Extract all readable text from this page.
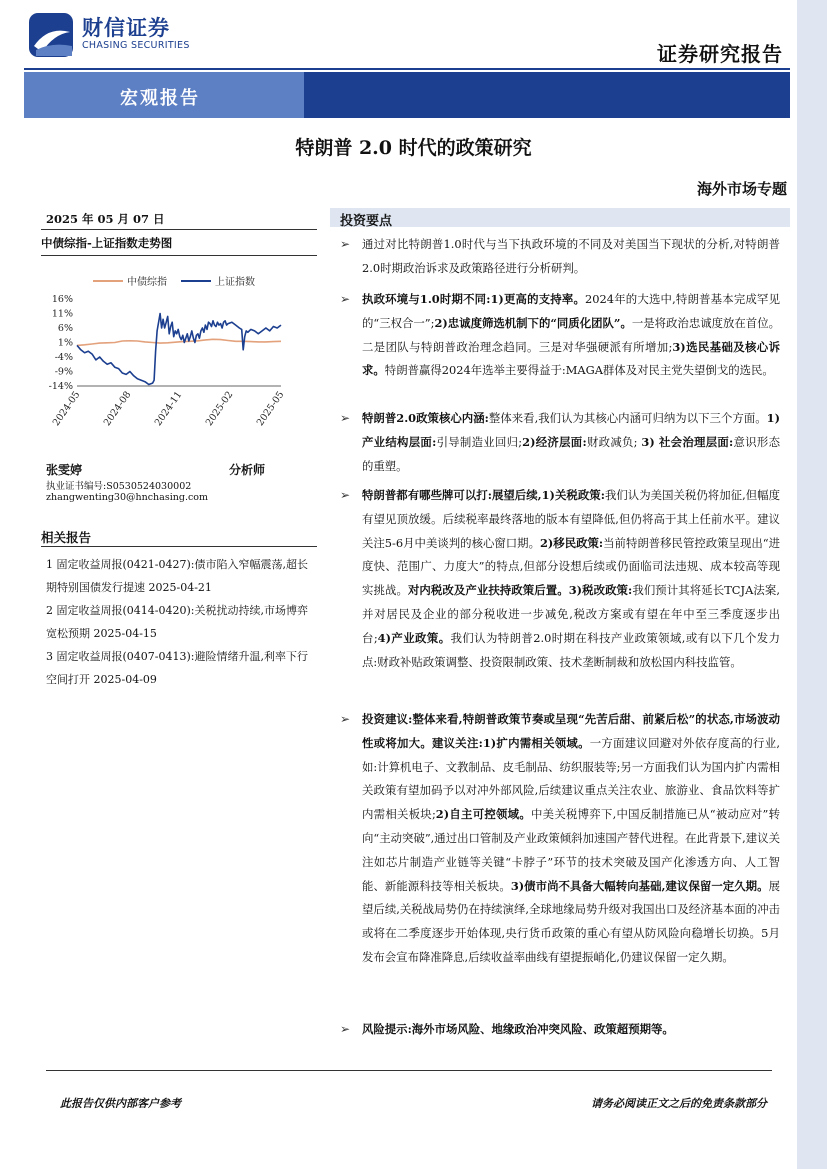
财信证券
CHASING SECURITIES	证券研究报告
宏观报告
特朗普 2.0 时代的政策研究
海外市场专题
2025 年 05 月 07 日
中债综指-上证指数走势图
中债综指	上证指数
16%
11%
6%
1%
-4%
-9%
-14%
2024-05 2024-08 2024-11 2025-02 2025-05
张雯婷	分析师
执业证书编号:S0530524030002
zhangwenting30@hnchasing.com
相关报告

1 固定收益周报(0421-0427):债市陷入窄幅震荡,超长期特别国债发行提速 2025-04-21

2 固定收益周报(0414-0420):关税扰动持续,市场博弈宽松预期 2025-04-15

3 固定收益周报(0407-0413):避险情绪升温,利率下行空间打开 2025-04-09

投资要点
➢ 通过对比特朗普1.0时代与当下执政环境的不同及对美国当下现状的分析,对特朗普2.0时期政治诉求及政策路径进行分析研判。
➢ 执政环境与1.0时期不同:1)更高的支持率。2024年的大选中,特朗普基本完成罕见的“三权合一”;2)忠诚度筛选机制下的“同质化团队”。一是将政治忠诚度放在首位。二是团队与特朗普政治理念趋同。三是对华强硬派有所增加;3)选民基础及核心诉求。特朗普赢得2024年选举主要得益于:MAGA群体及对民主党失望倒戈的选民。
➢ 特朗普2.0政策核心内涵:整体来看,我们认为其核心内涵可归纳为以下三个方面。1)产业结构层面:引导制造业回归;2)经济层面:财政减负; 3) 社会治理层面:意识形态的重塑。
➢ 特朗普都有哪些牌可以打:展望后续,1)关税政策:我们认为美国关税仍将加征,但幅度有望见顶放缓。后续税率最终落地的版本有望降低,但仍将高于其上任前水平。建议关注5-6月中美谈判的核心窗口期。2)移民政策:当前特朗普移民管控政策呈现出“进度快、范围广、力度大”的特点,但部分设想后续或仍面临司法违规、成本较高等现实挑战。对内税改及产业扶持政策后置。3)税改政策:我们预计其将延长TCJA法案,并对居民及企业的部分税收进一步减免,税改方案或有望在年中至三季度逐步出台;4)产业政策。我们认为特朗普2.0时期在科技产业政策领域,或有以下几个发力点:财政补贴政策调整、投资限制政策、技术垄断制裁和放松国内科技监管。
➢ 投资建议:整体来看,特朗普政策节奏或呈现“先苦后甜、前紧后松”的状态,市场波动性或将加大。建议关注:1)扩内需相关领域。一方面建议回避对外依存度高的行业,如:计算机电子、文教制品、皮毛制品、纺织服装等;另一方面我们认为国内扩内需相关政策有望加码予以对冲外部风险,后续建议重点关注农业、旅游业、食品饮料等扩内需相关板块;2)自主可控领域。中美关税博弈下,中国反制措施已从“被动应对”转向“主动突破”,通过出口管制及产业政策倾斜加速国产替代进程。在此背景下,建议关注如芯片制造产业链等关键“卡脖子”环节的技术突破及国产化渗透方向、人工智能、新能源科技等相关板块。3)债市尚不具备大幅转向基础,建议保留一定久期。展望后续,关税战局势仍在持续演绎,全球地缘局势升级对我国出口及经济基本面的冲击或将在二季度逐步开始体现,央行货币政策的重心有望从防风险向稳增长切换。5月发布会宣布降准降息,后续收益率曲线有望提振峭化,仍建议保留一定久期。
➢ 风险提示:海外市场风险、地缘政治冲突风险、政策超预期等。
此报告仅供内部客户参考	请务必阅读正文之后的免责条款部分
